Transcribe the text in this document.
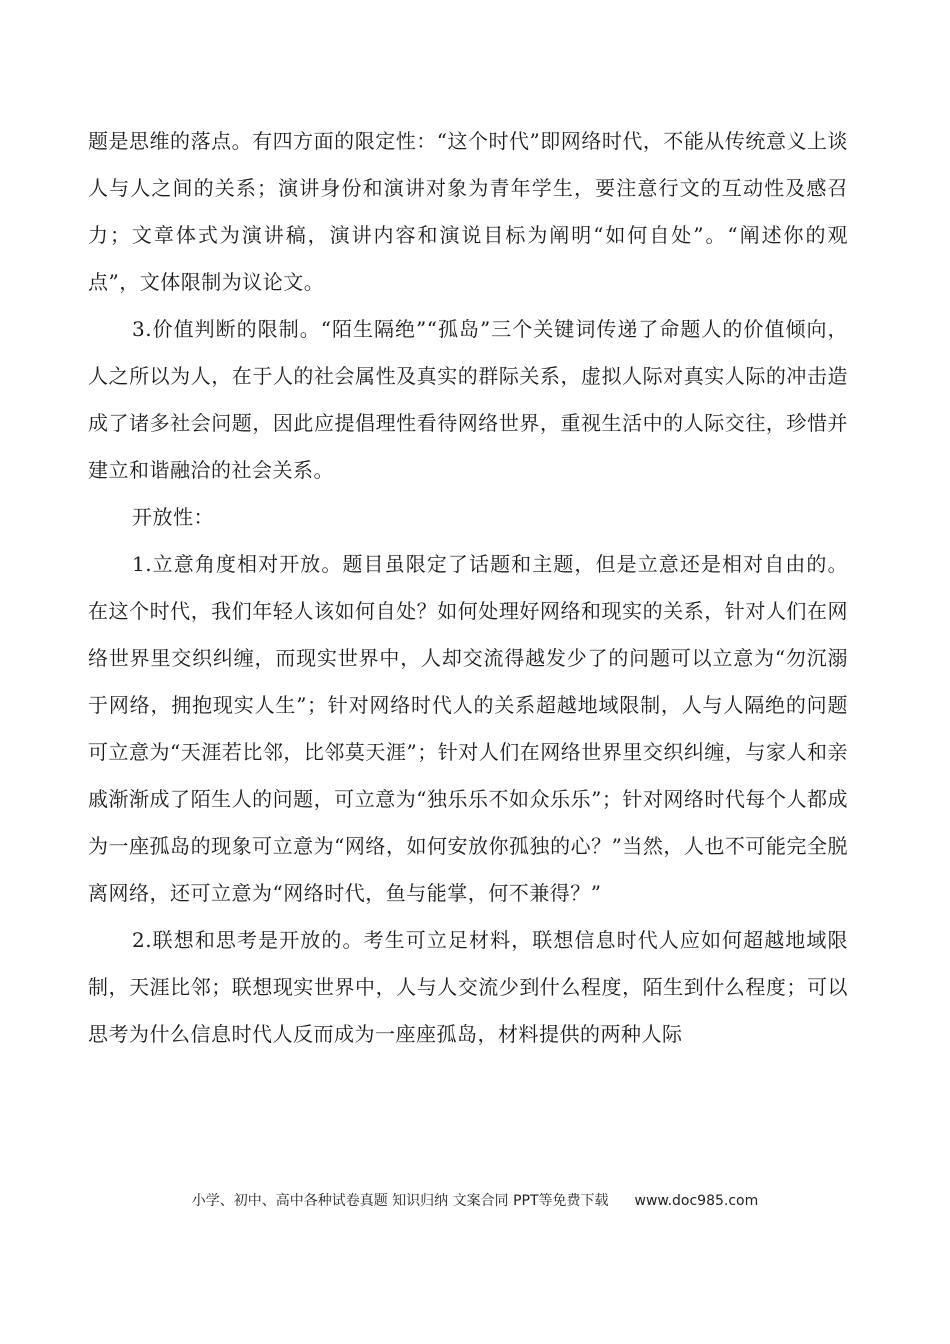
题是思维的落点。有四方面的限定性：“这个时代”即网络时代，不能从传统意义上谈人与人之间的关系；演讲身份和演讲对象为青年学生，要注意行文的互动性及感召力；文章体式为演讲稿，演讲内容和演说目标为阐明“如何自处”。“阐述你的观点”，文体限制为议论文。

3.价值判断的限制。“陌生隔绝”“孤岛”三个关键词传递了命题人的价值倾向，人之所以为人，在于人的社会属性及真实的群际关系，虚拟人际对真实人际的冲击造成了诸多社会问题，因此应提倡理性看待网络世界，重视生活中的人际交往，珍惜并建立和谐融洽的社会关系。

开放性：

1.立意角度相对开放。题目虽限定了话题和主题，但是立意还是相对自由的。在这个时代，我们年轻人该如何自处？如何处理好网络和现实的关系，针对人们在网络世界里交织纠缠，而现实世界中，人却交流得越发少了的问题可以立意为“勿沉溺于网络，拥抱现实人生”；针对网络时代人的关系超越地域限制，人与人隔绝的问题可立意为“天涯若比邻，比邻莫天涯”；针对人们在网络世界里交织纠缠，与家人和亲戚渐渐成了陌生人的问题，可立意为“独乐乐不如众乐乐”；针对网络时代每个人都成为一座孤岛的现象可立意为“网络，如何安放你孤独的心？”当然，人也不可能完全脱离网络，还可立意为“网络时代，鱼与能掌，何不兼得？”

2.联想和思考是开放的。考生可立足材料，联想信息时代人应如何超越地域限制，天涯比邻；联想现实世界中，人与人交流少到什么程度，陌生到什么程度；可以思考为什么信息时代人反而成为一座座孤岛，材料提供的两种人际

小学、初中、高中各种试卷真题 知识归纳 文案合同 PPT等免费下载 www.doc985.com
